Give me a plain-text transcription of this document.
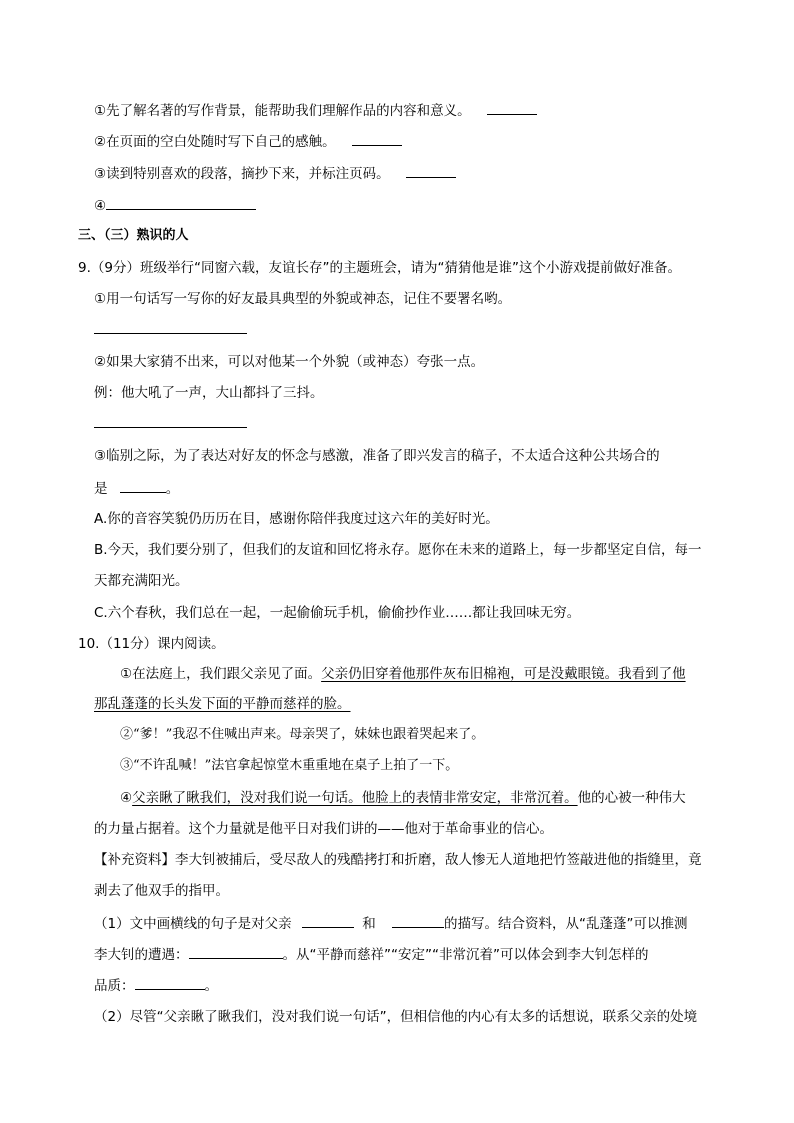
①先了解名著的写作背景，能帮助我们理解作品的内容和意义。
②在页面的空白处随时写下自己的感触。
③读到特别喜欢的段落，摘抄下来，并标注页码。
④
三、（三）熟识的人
9.（9分）班级举行“同窗六载，友谊长存”的主题班会，请为“猜猜他是谁”这个小游戏提前做好准备。
①用一句话写一写你的好友最具典型的外貌或神态，记住不要署名哟。
②如果大家猜不出来，可以对他某一个外貌（或神态）夸张一点。
例：他大吼了一声，大山都抖了三抖。
③临别之际，为了表达对好友的怀念与感激，准备了即兴发言的稿子，不太适合这种公共场合的
是	。
A.你的音容笑貌仍历历在目，感谢你陪伴我度过这六年的美好时光。
B.今天，我们要分别了，但我们的友谊和回忆将永存。愿你在未来的道路上，每一步都坚定自信，每一
天都充满阳光。
C.六个春秋，我们总在一起，一起偷偷玩手机，偷偷抄作业……都让我回味无穷。
10.（11分）课内阅读。
①在法庭上，我们跟父亲见了面。父亲仍旧穿着他那件灰布旧棉袍，可是没戴眼镜。我看到了他
那乱蓬蓬的长头发下面的平静而慈祥的脸。
②“爹！”我忍不住喊出声来。母亲哭了，妹妹也跟着哭起来了。
③“不许乱喊！”法官拿起惊堂木重重地在桌子上拍了一下。
④父亲瞅了瞅我们，没对我们说一句话。他脸上的表情非常安定，非常沉着。他的心被一种伟大
的力量占据着。这个力量就是他平日对我们讲的——他对于革命事业的信心。
【补充资料】李大钊被捕后，受尽敌人的残酷拷打和折磨，敌人惨无人道地把竹签敲进他的指缝里，竟
剥去了他双手的指甲。
（1）文中画横线的句子是对父亲	和	的描写。结合资料，从“乱蓬蓬”可以推测
李大钊的遭遇：	。从“平静而慈祥”“安定”“非常沉着”可以体会到李大钊怎样的
品质：	。
（2）尽管“父亲瞅了瞅我们，没对我们说一句话”，但相信他的内心有太多的话想说，联系父亲的处境
